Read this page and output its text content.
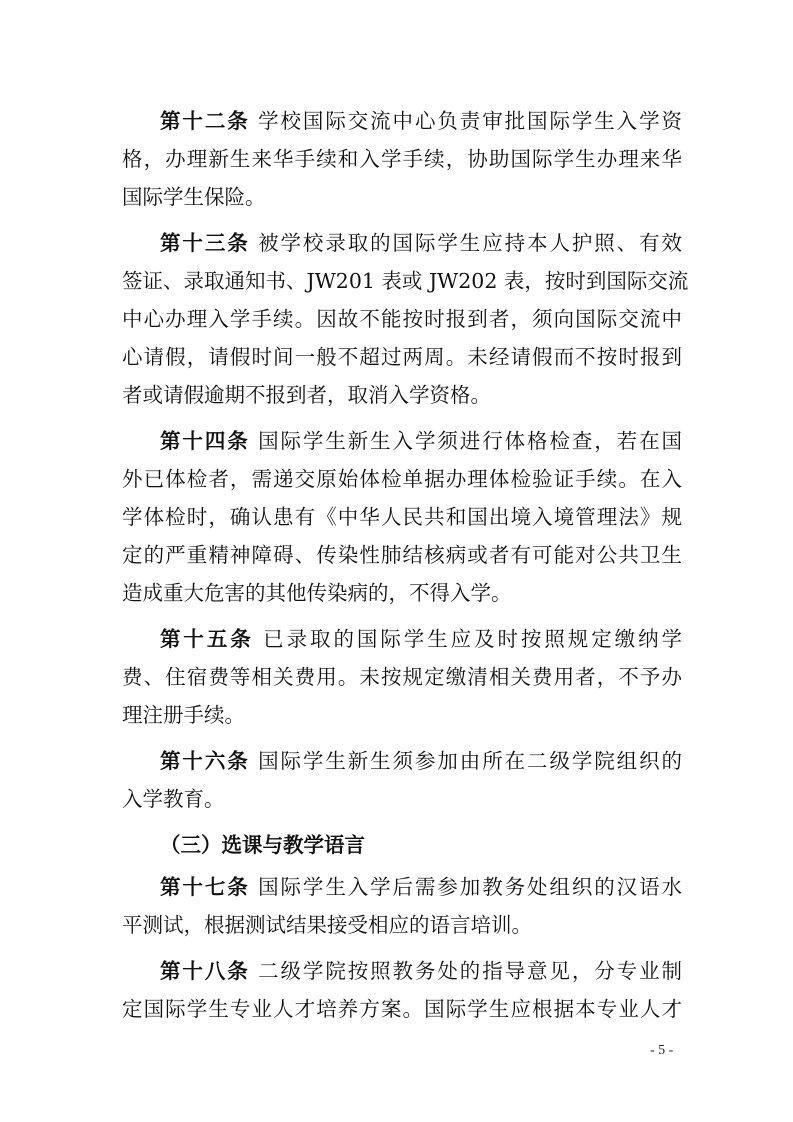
第十二条 学校国际交流中心负责审批国际学生入学资
格，办理新生来华手续和入学手续，协助国际学生办理来华
国际学生保险。
第十三条 被学校录取的国际学生应持本人护照、有效
签证、录取通知书、JW201 表或 JW202 表，按时到国际交流
中心办理入学手续。因故不能按时报到者，须向国际交流中
心请假，请假时间一般不超过两周。未经请假而不按时报到
者或请假逾期不报到者，取消入学资格。
第十四条 国际学生新生入学须进行体格检查，若在国
外已体检者，需递交原始体检单据办理体检验证手续。在入
学体检时，确认患有《中华人民共和国出境入境管理法》规
定的严重精神障碍、传染性肺结核病或者有可能对公共卫生
造成重大危害的其他传染病的，不得入学。
第十五条 已录取的国际学生应及时按照规定缴纳学
费、住宿费等相关费用。未按规定缴清相关费用者，不予办
理注册手续。
第十六条 国际学生新生须参加由所在二级学院组织的
入学教育。
（三）选课与教学语言
第十七条 国际学生入学后需参加教务处组织的汉语水
平测试，根据测试结果接受相应的语言培训。
第十八条 二级学院按照教务处的指导意见，分专业制
定国际学生专业人才培养方案。国际学生应根据本专业人才
- 5 -
